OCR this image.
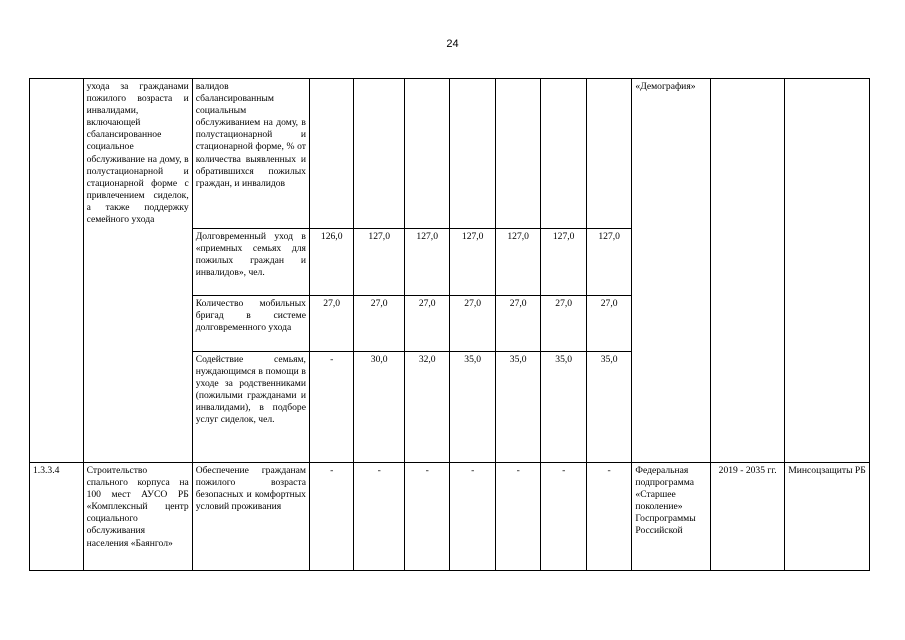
24
	ухода за гражданами пожилого возраста и инвалидами, включающей сбалансированное социальное обслуживание на дому, в полустационарной и стационарной форме с привлечением сиделок, а также поддержку семейного ухода	валидов сбалансированным социальным обслуживанием на дому, в полустационарной и стационарной форме, % от количества выявленных и обратившихся пожилых граждан, и инвалидов								«Демография»		
		Долговременный уход в «приемных семьях для пожилых граждан и инвалидов», чел.	126,0	127,0	127,0	127,0	127,0	127,0	127,0			
		Количество мобильных бригад в системе долговременного ухода	27,0	27,0	27,0	27,0	27,0	27,0	27,0			
		Содействие семьям, нуждающимся в помощи в уходе за родственниками (пожилыми гражданами и инвалидами), в подборе услуг сиделок, чел.	-	30,0	32,0	35,0	35,0	35,0	35,0			
1.3.3.4	Строительство спального корпуса на 100 мест АУСО РБ «Комплексный центр социального обслуживания населения «Баянгол»	Обеспечение гражданам пожилого возраста безопасных и комфортных условий проживания	-	-	-	-	-	-	-	Федеральная подпрограмма «Старшее поколение» Госпрограммы Российской	2019 - 2035 гг.	Минсоцзащиты РБ
